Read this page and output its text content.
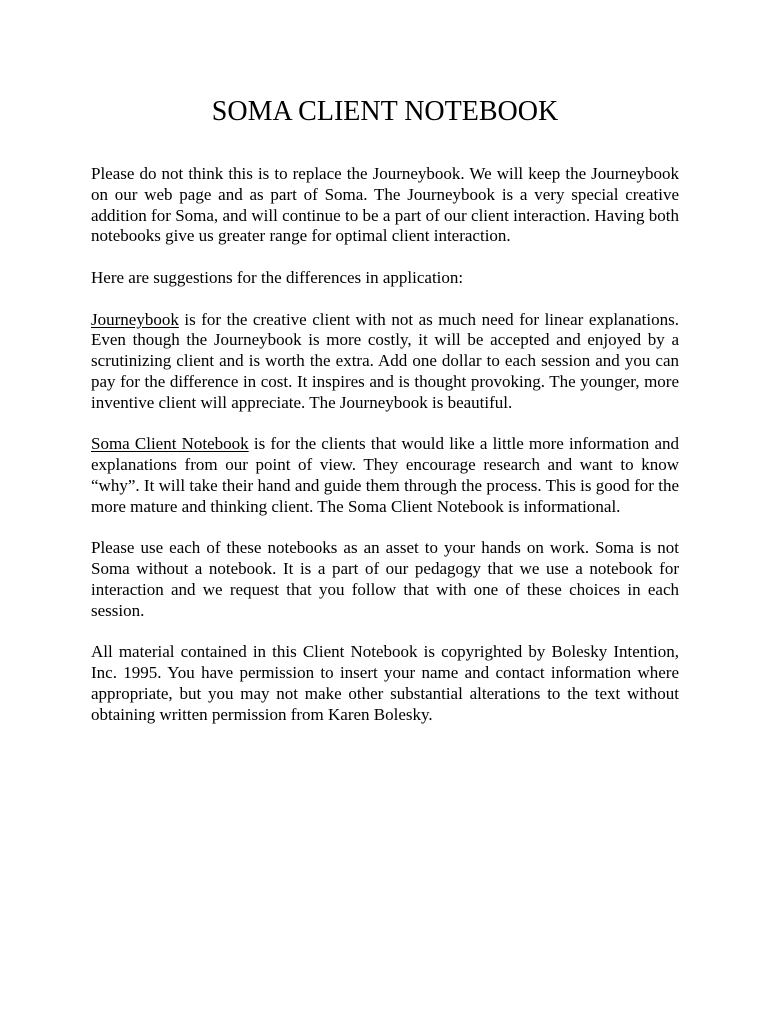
SOMA CLIENT NOTEBOOK

Please do not think this is to replace the Journeybook. We will keep the Journeybook on our web page and as part of Soma. The Journeybook is a very special creative addition for Soma, and will continue to be a part of our client interaction. Having both notebooks give us greater range for optimal client interaction.

Here are suggestions for the differences in application:

Journeybook is for the creative client with not as much need for linear explanations. Even though the Journeybook is more costly, it will be accepted and enjoyed by a scrutinizing client and is worth the extra. Add one dollar to each session and you can pay for the difference in cost. It inspires and is thought provoking. The younger, more inventive client will appreciate. The Journeybook is beautiful.

Soma Client Notebook is for the clients that would like a little more information and explanations from our point of view. They encourage research and want to know “why”. It will take their hand and guide them through the process. This is good for the more mature and thinking client. The Soma Client Notebook is informational.

Please use each of these notebooks as an asset to your hands on work. Soma is not Soma without a notebook. It is a part of our pedagogy that we use a notebook for interaction and we request that you follow that with one of these choices in each session.

All material contained in this Client Notebook is copyrighted by Bolesky Intention, Inc. 1995. You have permission to insert your name and contact information where appropriate, but you may not make other substantial alterations to the text without obtaining written permission from Karen Bolesky.
